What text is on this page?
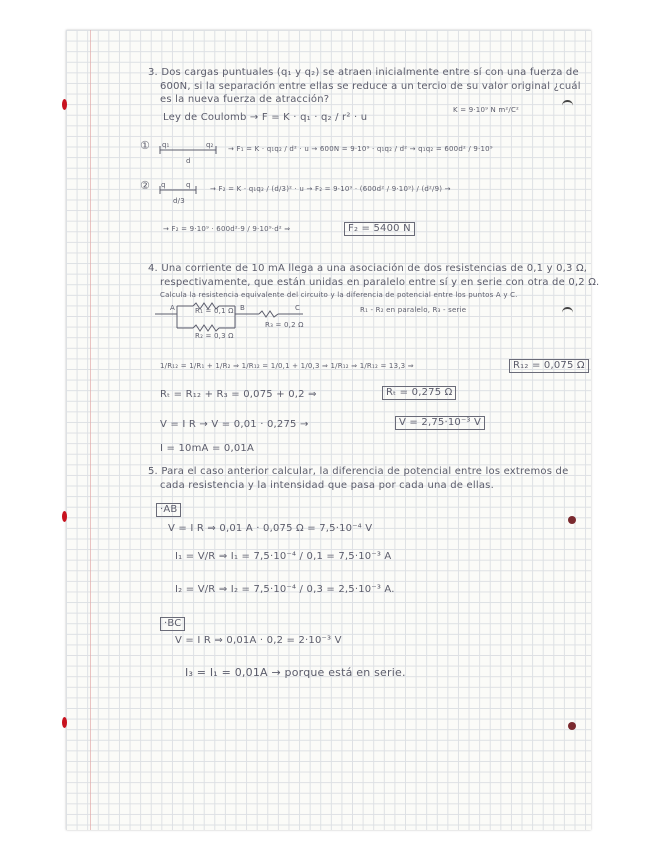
3. Dos cargas puntuales (q₁ y q₂) se atraen inicialmente entre sí con una fuerza de
600N, si la separación entre ellas se reduce a un tercio de su valor original ¿cuál
es la nueva fuerza de atracción?
Ley de Coulomb → F = K · q₁ · q₂ / r² · u
K = 9·10⁹ N m²/C²
① q₁	q₂
d
→ F₁ = K · q₁q₂ / d² · u → 600N = 9·10⁹ · q₁q₂ / d² → q₁q₂ = 600d² / 9·10⁹
② q	q
d/3
→ F₂ = K · q₁q₂ / (d/3)² · u → F₂ = 9·10⁹ · (600d² / 9·10⁹) / (d²/9) →
→ F₂ = 9·10⁹ · 600d²·9 / 9·10⁹·d² ⇒	F₂ = 5400 N
4. Una corriente de 10 mA llega a una asociación de dos resistencias de 0,1 y 0,3 Ω,
respectivamente, que están unidas en paralelo entre sí y en serie con otra de 0,2 Ω.
Calcula la resistencia equivalente del circuito y la diferencia de potencial entre los puntos A y C.
A	B	C
R₁ = 0,1 Ω
R₂ = 0,3 Ω
R₃ = 0,2 Ω
R₁ - R₂ en paralelo, R₃ - serie
1/R₁₂ = 1/R₁ + 1/R₂ ⇒ 1/R₁₂ = 1/0,1 + 1/0,3 ⇒ 1/R₁₂ ⇒ 1/R₁₂ = 13,3 ⇒	R₁₂ = 0,075 Ω
Rₜ = R₁₂ + R₃ = 0,075 + 0,2 ⇒	Rₜ = 0,275 Ω
V = I R → V = 0,01 · 0,275 →	V = 2,75·10⁻³ V
I = 10mA = 0,01A
5. Para el caso anterior calcular, la diferencia de potencial entre los extremos de
cada resistencia y la intensidad que pasa por cada una de ellas.
·AB
V = I R ⇒ 0,01 A · 0,075 Ω = 7,5·10⁻⁴ V
I₁ = V/R ⇒ I₁ = 7,5·10⁻⁴ / 0,1 = 7,5·10⁻³ A
I₂ = V/R ⇒ I₂ = 7,5·10⁻⁴ / 0,3 = 2,5·10⁻³ A.
·BC
V = I R ⇒ 0,01A · 0,2 = 2·10⁻³ V
I₃ = I₁ = 0,01A → porque está en serie.
